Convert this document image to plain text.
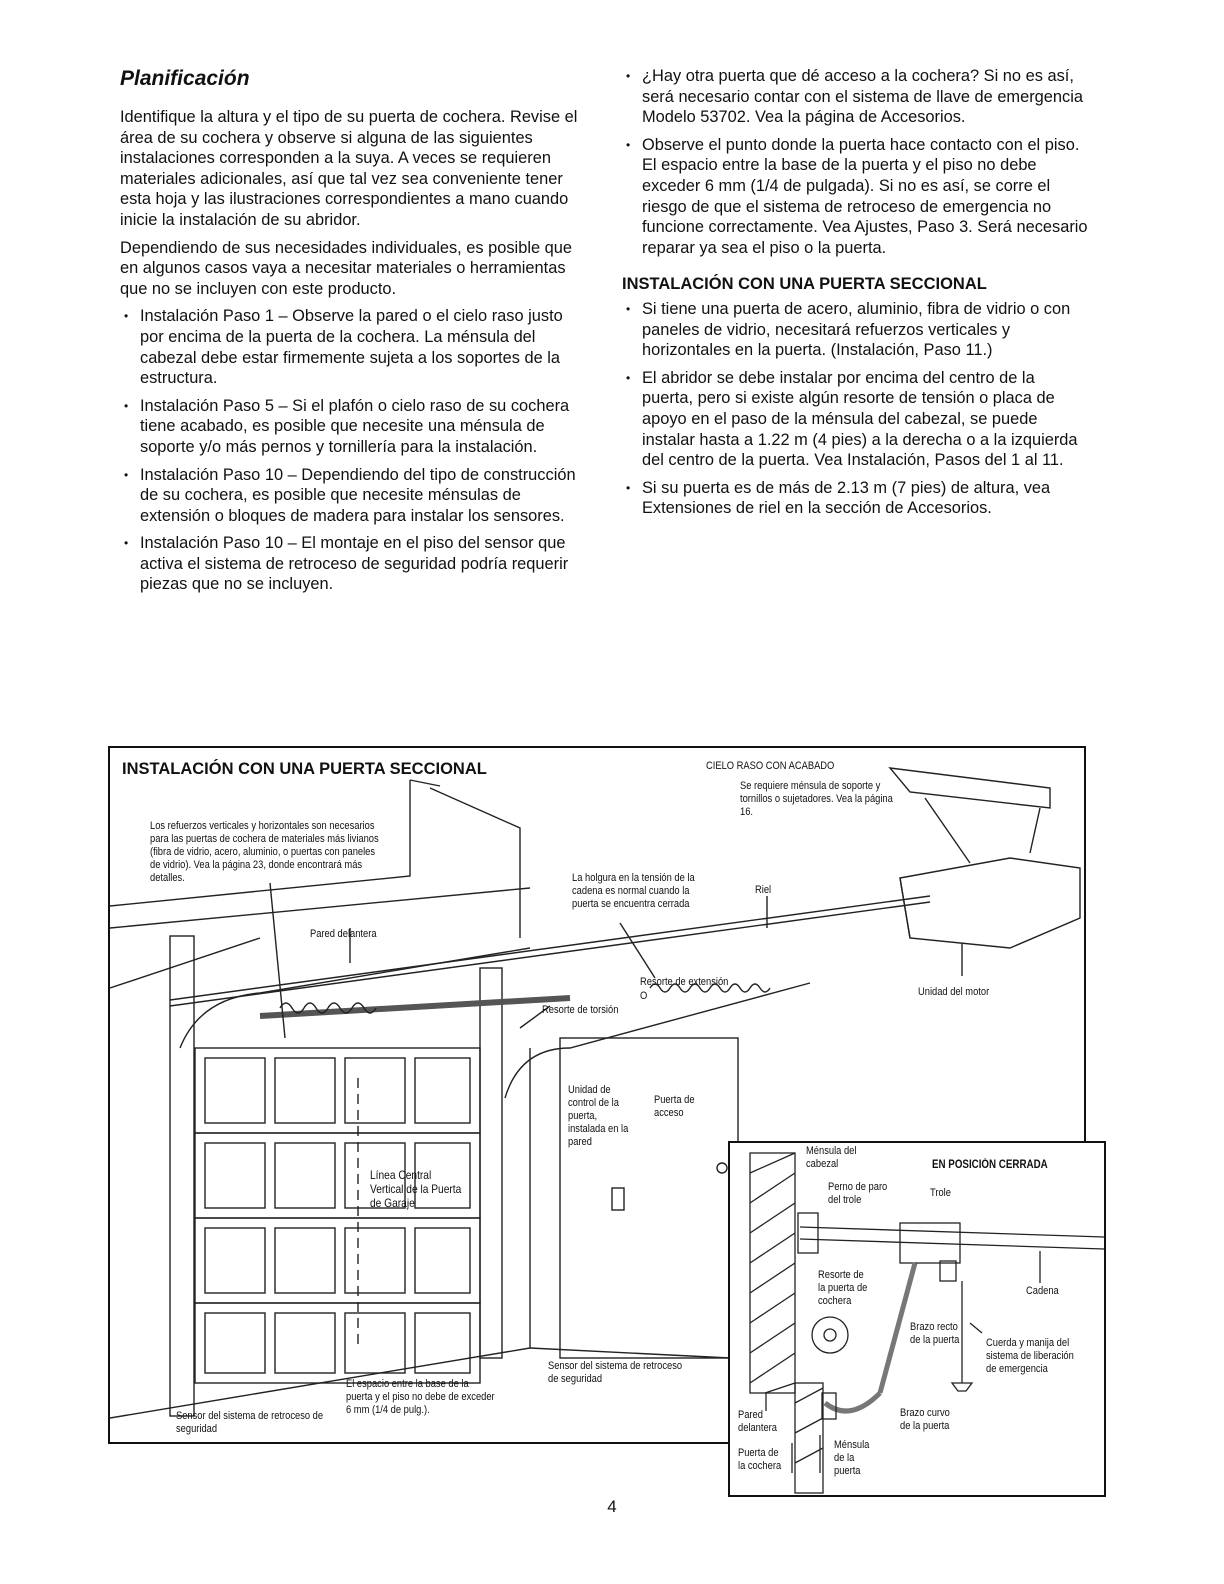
Planificación

Identifique la altura y el tipo de su puerta de cochera. Revise el área de su cochera y observe si alguna de las siguientes instalaciones corresponden a la suya. A veces se requieren materiales adicionales, así que tal vez sea conveniente tener esta hoja y las ilustraciones correspondientes a mano cuando inicie la instalación de su abridor.

Dependiendo de sus necesidades individuales, es posible que en algunos casos vaya a necesitar materiales o herramientas que no se incluyen con este producto.

• Instalación Paso 1 – Observe la pared o el cielo raso justo por encima de la puerta de la cochera. La ménsula del cabezal debe estar firmemente sujeta a los soportes de la estructura.
• Instalación Paso 5 – Si el plafón o cielo raso de su cochera tiene acabado, es posible que necesite una ménsula de soporte y/o más pernos y tornillería para la instalación.
• Instalación Paso 10 – Dependiendo del tipo de construcción de su cochera, es posible que necesite ménsulas de extensión o bloques de madera para instalar los sensores.
• Instalación Paso 10 – El montaje en el piso del sensor que activa el sistema de retroceso de seguridad podría requerir piezas que no se incluyen.
• ¿Hay otra puerta que dé acceso a la cochera? Si no es así, será necesario contar con el sistema de llave de emergencia Modelo 53702. Vea la página de Accesorios.
• Observe el punto donde la puerta hace contacto con el piso. El espacio entre la base de la puerta y el piso no debe exceder 6 mm (1/4 de pulgada). Si no es así, se corre el riesgo de que el sistema de retroceso de emergencia no funcione correctamente. Vea Ajustes, Paso 3. Será necesario reparar ya sea el piso o la puerta.
INSTALACIÓN CON UNA PUERTA SECCIONAL
• Si tiene una puerta de acero, aluminio, fibra de vidrio o con paneles de vidrio, necesitará refuerzos verticales y horizontales en la puerta. (Instalación, Paso 11.)
• El abridor se debe instalar por encima del centro de la puerta, pero si existe algún resorte de tensión o placa de apoyo en el paso de la ménsula del cabezal, se puede instalar hasta a 1.22 m (4 pies) a la derecha o a la izquierda del centro de la puerta. Vea Instalación, Pasos del 1 al 11.
• Si su puerta es de más de 2.13 m (7 pies) de altura, vea Extensiones de riel en la sección de Accesorios.
INSTALACIÓN CON UNA PUERTA SECCIONAL
Los refuerzos verticales y horizontales son necesarios para las puertas de cochera de materiales más livianos (fibra de vidrio, acero, aluminio, o puertas con paneles de vidrio). Vea la página 23, donde encontrará más detalles.
Pared delantera
La holgura en la tensión de la cadena es normal cuando la puerta se encuentra cerrada
CIELO RASO CON ACABADO
Se requiere ménsula de soporte y tornillos o sujetadores. Vea la página 16.
Riel
Resorte de extensión
O
Resorte de torsión
Unidad del motor
Unidad de control de la puerta, instalada en la pared
Puerta de acceso
Línea Central Vertical de la Puerta de Garaje
Sensor del sistema de retroceso de seguridad
El espacio entre la base de la puerta y el piso no debe de exceder 6 mm (1/4 de pulg.).
Sensor del sistema de retroceso de seguridad
EN POSICIÓN CERRADA
Ménsula del cabezal
Perno de paro del trole
Trole
Resorte de la puerta de cochera
Cadena
Brazo recto de la puerta Cuerda y manija del sistema de liberación de emergencia
Pared delantera
Brazo curvo de la puerta
Ménsula de la puerta
Puerta de la cochera
4
